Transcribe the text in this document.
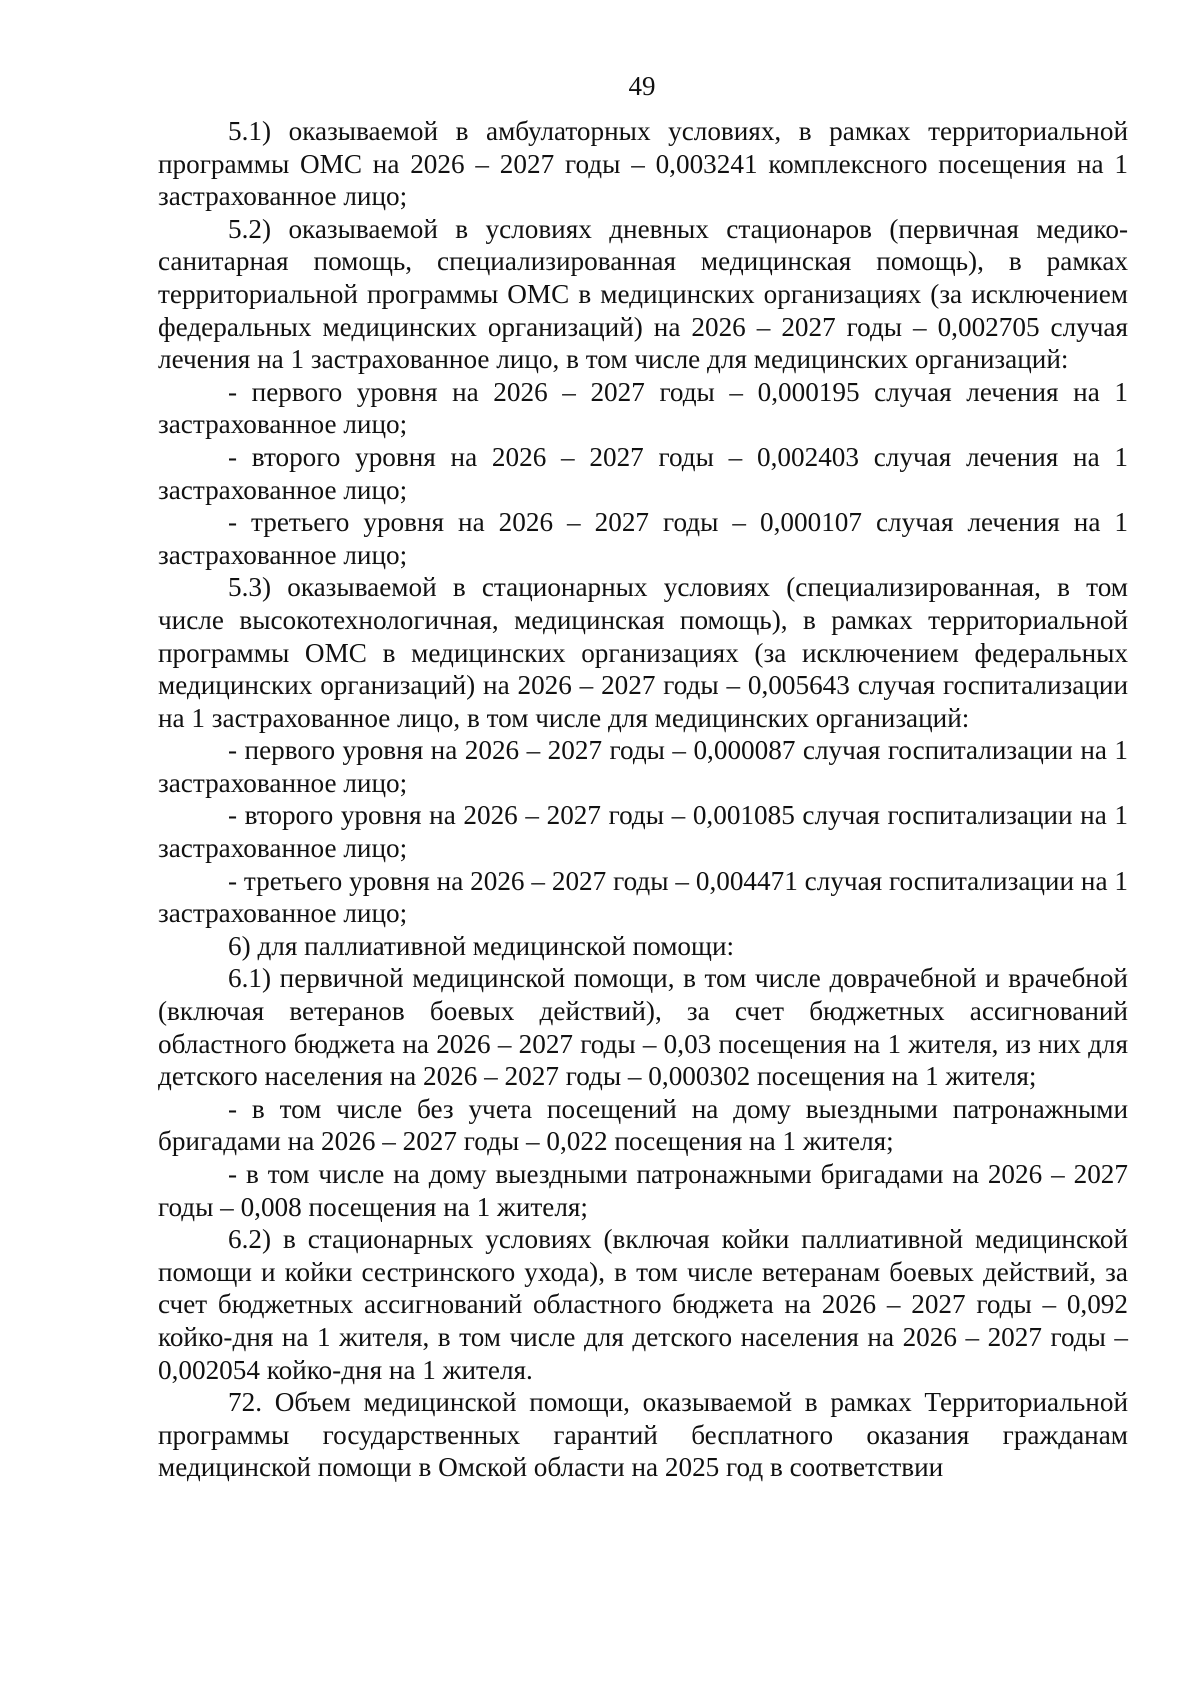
49

5.1) оказываемой в амбулаторных условиях, в рамках территориальной программы ОМС на 2026 – 2027 годы – 0,003241 комплексного посещения на 1 застрахованное лицо;

5.2) оказываемой в условиях дневных стационаров (первичная медико-санитарная помощь, специализированная медицинская помощь), в рамках территориальной программы ОМС в медицинских организациях (за исключением федеральных медицинских организаций) на 2026 – 2027 годы – 0,002705 случая лечения на 1 застрахованное лицо, в том числе для медицинских организаций:

- первого уровня на 2026 – 2027 годы – 0,000195 случая лечения на 1 застрахованное лицо;

- второго уровня на 2026 – 2027 годы – 0,002403 случая лечения на 1 застрахованное лицо;

- третьего уровня на 2026 – 2027 годы – 0,000107 случая лечения на 1 застрахованное лицо;

5.3) оказываемой в стационарных условиях (специализированная, в том числе высокотехнологичная, медицинская помощь), в рамках территориальной программы ОМС в медицинских организациях (за исключением федеральных медицинских организаций) на 2026 – 2027 годы – 0,005643 случая госпитализации на 1 застрахованное лицо, в том числе для медицинских организаций:

- первого уровня на 2026 – 2027 годы – 0,000087 случая госпитализации на 1 застрахованное лицо;

- второго уровня на 2026 – 2027 годы – 0,001085 случая госпитализации на 1 застрахованное лицо;

- третьего уровня на 2026 – 2027 годы – 0,004471 случая госпитализации на 1 застрахованное лицо;

6) для паллиативной медицинской помощи:

6.1) первичной медицинской помощи, в том числе доврачебной и врачебной (включая ветеранов боевых действий), за счет бюджетных ассигнований областного бюджета на 2026 – 2027 годы – 0,03 посещения на 1 жителя, из них для детского населения на 2026 – 2027 годы – 0,000302 посещения на 1 жителя;

- в том числе без учета посещений на дому выездными патронажными бригадами на 2026 – 2027 годы – 0,022 посещения на 1 жителя;

- в том числе на дому выездными патронажными бригадами на 2026 – 2027 годы – 0,008 посещения на 1 жителя;

6.2) в стационарных условиях (включая койки паллиативной медицинской помощи и койки сестринского ухода), в том числе ветеранам боевых действий, за счет бюджетных ассигнований областного бюджета на 2026 – 2027 годы – 0,092 койко-дня на 1 жителя, в том числе для детского населения на 2026 – 2027 годы – 0,002054 койко-дня на 1 жителя.

72. Объем медицинской помощи, оказываемой в рамках Территориальной программы государственных гарантий бесплатного оказания гражданам медицинской помощи в Омской области на 2025 год в соответствии
